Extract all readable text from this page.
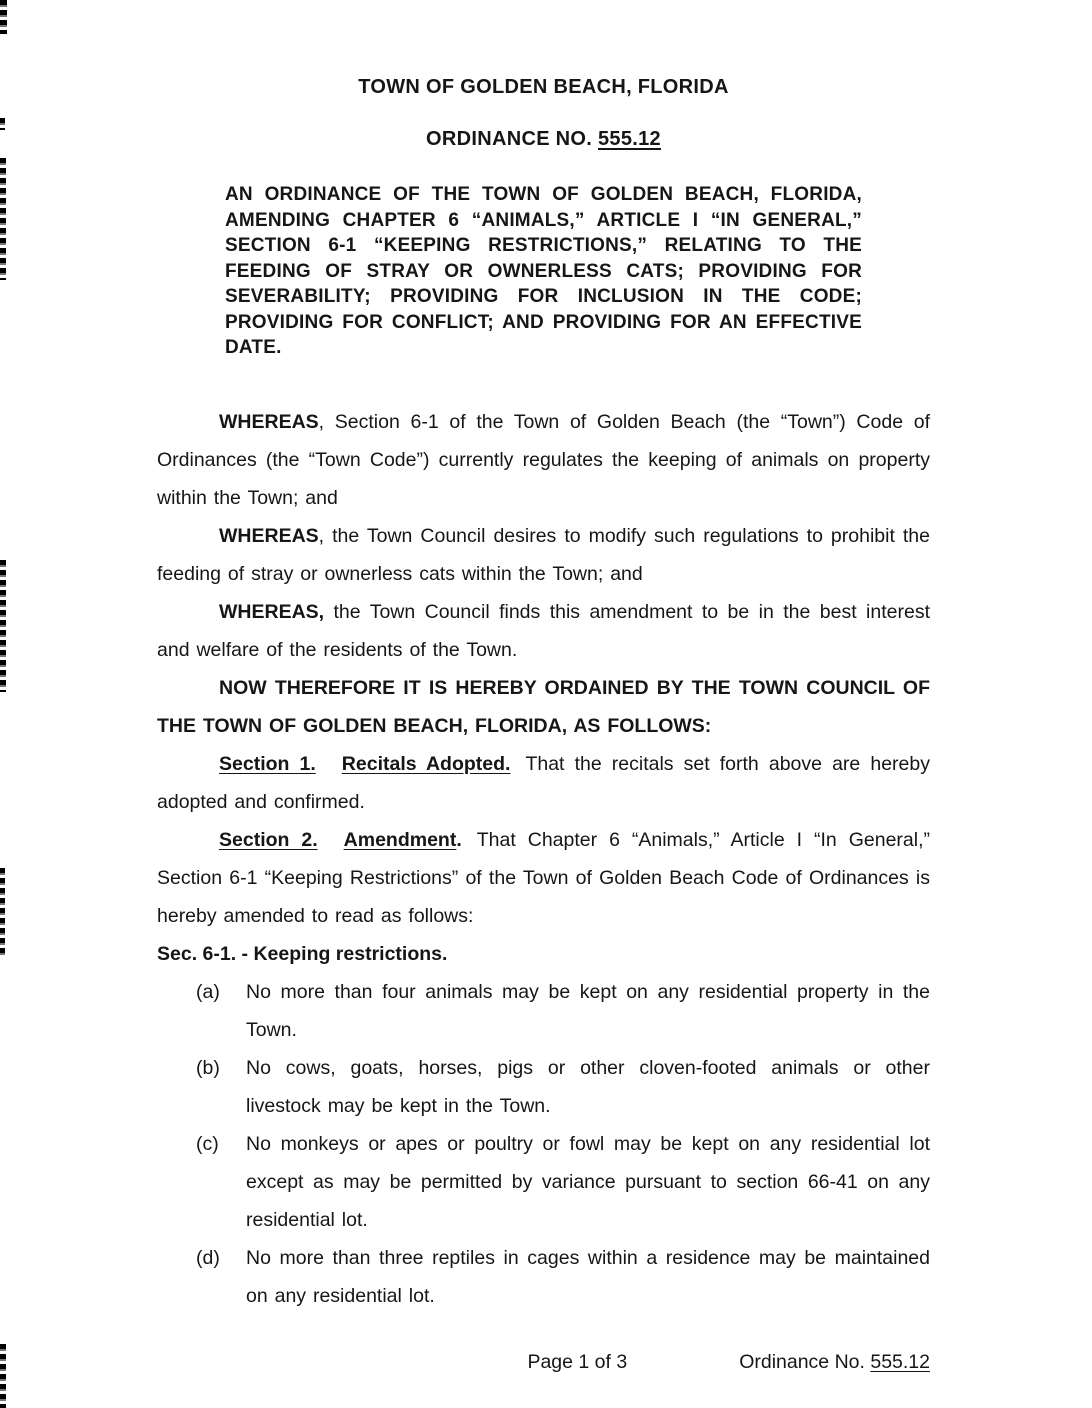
TOWN OF GOLDEN BEACH, FLORIDA
ORDINANCE NO. 555.12

AN ORDINANCE OF THE TOWN OF GOLDEN BEACH, FLORIDA, AMENDING CHAPTER 6 “ANIMALS,” ARTICLE I “IN GENERAL,” SECTION 6-1 “KEEPING RESTRICTIONS,” RELATING TO THE FEEDING OF STRAY OR OWNERLESS CATS; PROVIDING FOR SEVERABILITY; PROVIDING FOR INCLUSION IN THE CODE; PROVIDING FOR CONFLICT; AND PROVIDING FOR AN EFFECTIVE DATE.

WHEREAS, Section 6-1 of the Town of Golden Beach (the “Town”) Code of Ordinances (the “Town Code”) currently regulates the keeping of animals on property within the Town; and

WHEREAS, the Town Council desires to modify such regulations to prohibit the feeding of stray or ownerless cats within the Town; and

WHEREAS, the Town Council finds this amendment to be in the best interest and welfare of the residents of the Town.

NOW THEREFORE IT IS HEREBY ORDAINED BY THE TOWN COUNCIL OF THE TOWN OF GOLDEN BEACH, FLORIDA, AS FOLLOWS:

Section 1. Recitals Adopted. That the recitals set forth above are hereby adopted and confirmed.

Section 2. Amendment. That Chapter 6 “Animals,” Article I “In General,” Section 6-1 “Keeping Restrictions” of the Town of Golden Beach Code of Ordinances is hereby amended to read as follows:

Sec. 6-1. - Keeping restrictions.

(a)	No more than four animals may be kept on any residential property in the Town.
(b)	No cows, goats, horses, pigs or other cloven-footed animals or other livestock may be kept in the Town.
(c)	No monkeys or apes or poultry or fowl may be kept on any residential lot except as may be permitted by variance pursuant to section 66-41 on any residential lot.
(d)	No more than three reptiles in cages within a residence may be maintained on any residential lot.
Page 1 of 3	Ordinance No. 555.12
